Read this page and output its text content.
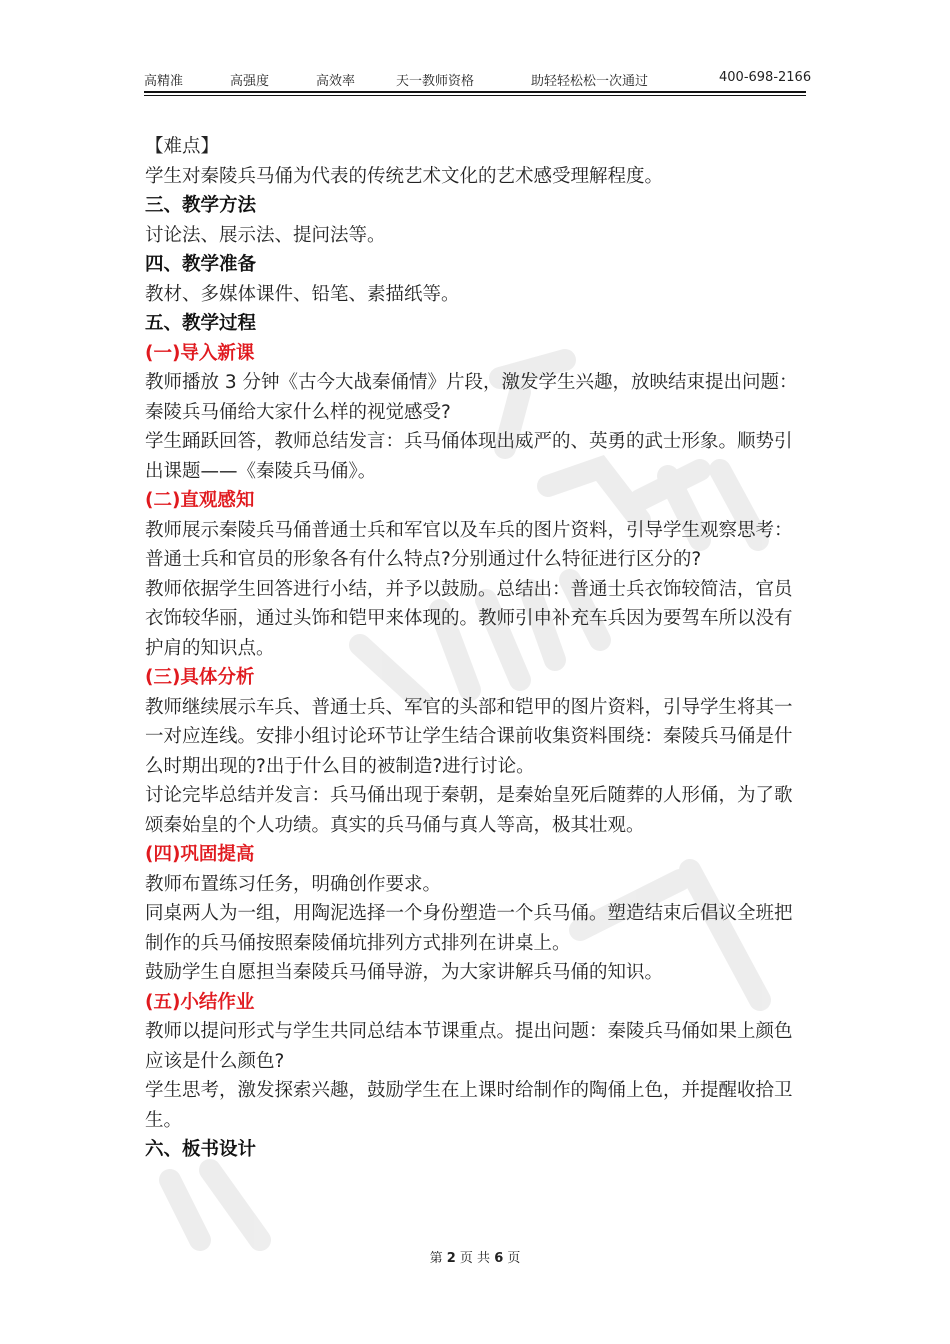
高精准	高强度	高效率	天一教师资格	助轻轻松松一次通过	400-698-2166

【难点】

学生对秦陵兵马俑为代表的传统艺术文化的艺术感受理解程度。

三、教学方法

讨论法、展示法、提问法等。

四、教学准备

教材、多媒体课件、铅笔、素描纸等。

五、教学过程

(一)导入新课

教师播放 3 分钟《古今大战秦俑情》片段，激发学生兴趣，放映结束提出问题：

秦陵兵马俑给大家什么样的视觉感受?

学生踊跃回答，教师总结发言：兵马俑体现出威严的、英勇的武士形象。顺势引

出课题——《秦陵兵马俑》。

(二)直观感知

教师展示秦陵兵马俑普通士兵和军官以及车兵的图片资料，引导学生观察思考：

普通士兵和官员的形象各有什么特点?分别通过什么特征进行区分的?

教师依据学生回答进行小结，并予以鼓励。总结出：普通士兵衣饰较简洁，官员

衣饰较华丽，通过头饰和铠甲来体现的。教师引申补充车兵因为要驾车所以没有

护肩的知识点。

(三)具体分析

教师继续展示车兵、普通士兵、军官的头部和铠甲的图片资料，引导学生将其一

一对应连线。安排小组讨论环节让学生结合课前收集资料围绕：秦陵兵马俑是什

么时期出现的?出于什么目的被制造?进行讨论。

讨论完毕总结并发言：兵马俑出现于秦朝，是秦始皇死后随葬的人形俑，为了歌

颂秦始皇的个人功绩。真实的兵马俑与真人等高，极其壮观。

(四)巩固提高

教师布置练习任务，明确创作要求。

同桌两人为一组，用陶泥选择一个身份塑造一个兵马俑。塑造结束后倡议全班把

制作的兵马俑按照秦陵俑坑排列方式排列在讲桌上。

鼓励学生自愿担当秦陵兵马俑导游，为大家讲解兵马俑的知识。

(五)小结作业

教师以提问形式与学生共同总结本节课重点。提出问题：秦陵兵马俑如果上颜色

应该是什么颜色?

学生思考，激发探索兴趣，鼓励学生在上课时给制作的陶俑上色，并提醒收拾卫

生。

六、板书设计

第 2 页 共 6 页
